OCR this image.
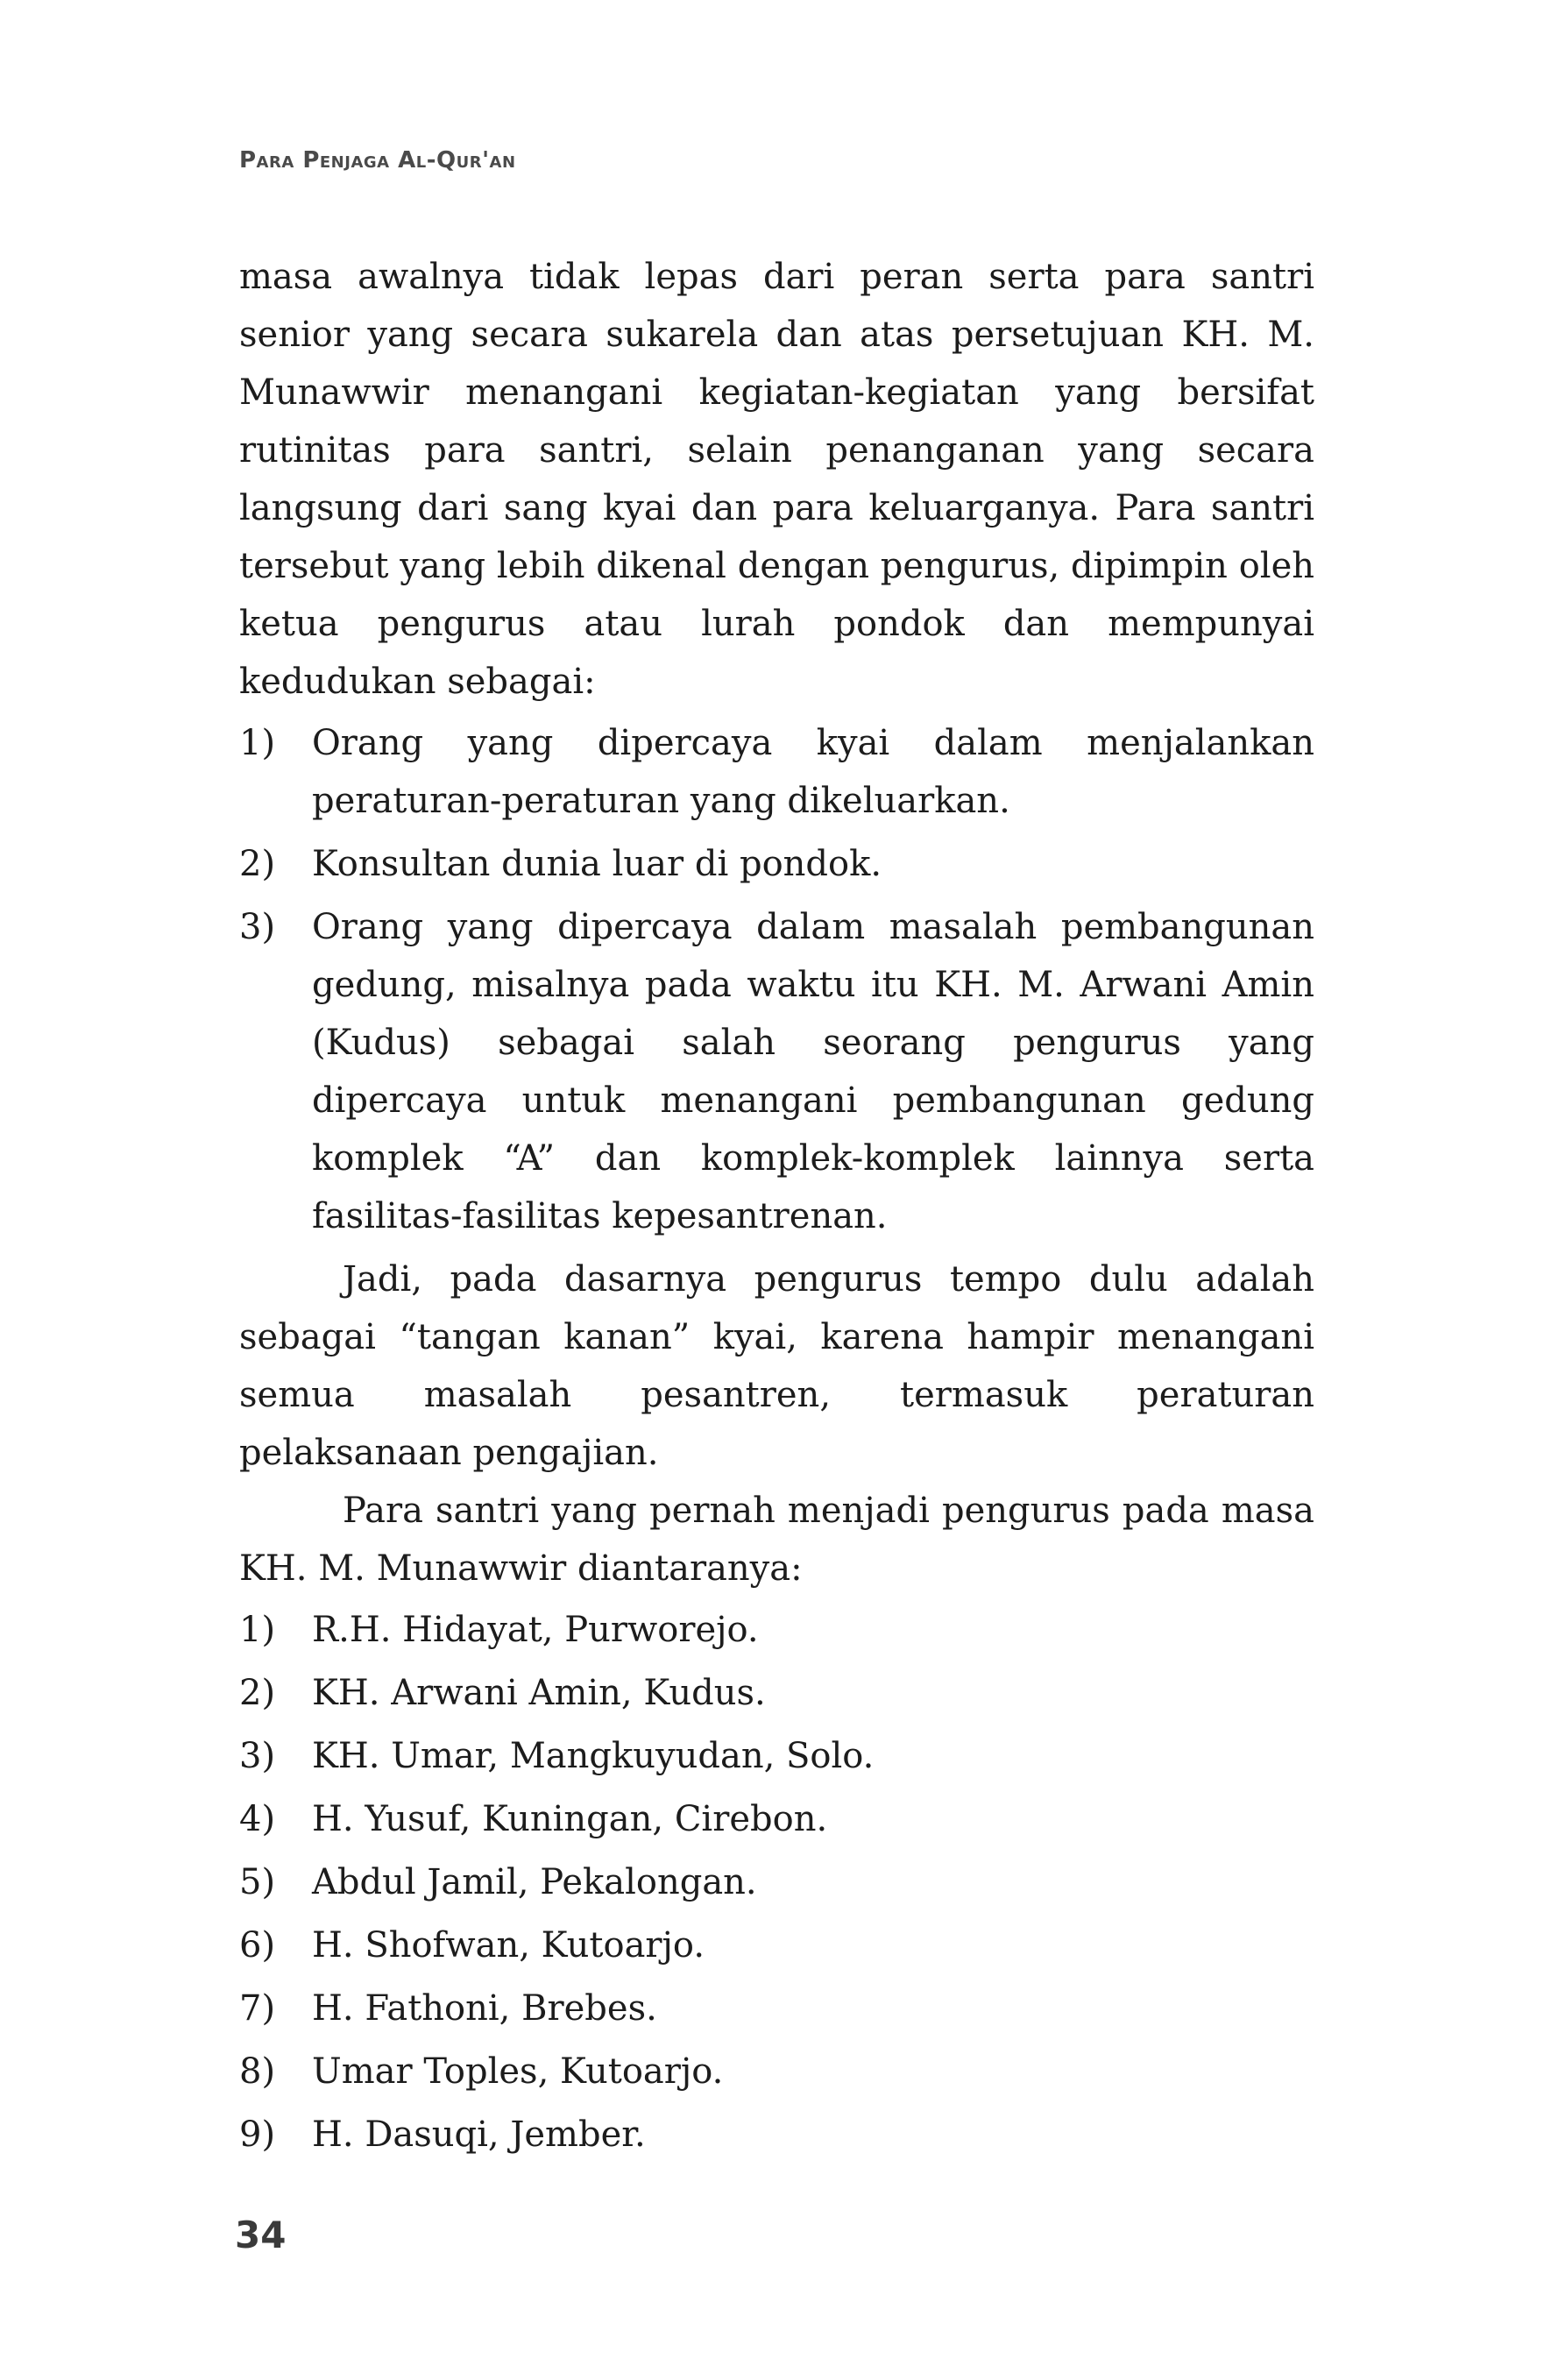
Para Penjaga Al-Qur'an

masa awalnya tidak lepas dari peran serta para santri senior yang secara sukarela dan atas persetujuan KH. M. Munawwir menangani kegiatan-kegiatan yang bersifat rutinitas para santri, selain penanganan yang secara langsung dari sang kyai dan para keluarganya. Para santri tersebut yang lebih dikenal dengan pengurus, dipimpin oleh ketua pengurus atau lurah pondok dan mempunyai kedudukan sebagai:

1) Orang yang dipercaya kyai dalam menjalankan peraturan-peraturan yang dikeluarkan.
2) Konsultan dunia luar di pondok.
3) Orang yang dipercaya dalam masalah pembangunan gedung, misalnya pada waktu itu KH. M. Arwani Amin (Kudus) sebagai salah seorang pengurus yang dipercaya untuk menangani pembangunan gedung komplek “A” dan komplek-komplek lainnya serta fasilitas-fasilitas kepesantrenan.

Jadi, pada dasarnya pengurus tempo dulu adalah sebagai “tangan kanan” kyai, karena hampir menangani semua masalah pesantren, termasuk peraturan pelaksanaan pengajian.

Para santri yang pernah menjadi pengurus pada masa KH. M. Munawwir diantaranya:

1) R.H. Hidayat, Purworejo.
2) KH. Arwani Amin, Kudus.
3) KH. Umar, Mangkuyudan, Solo.
4) H. Yusuf, Kuningan, Cirebon.
5) Abdul Jamil, Pekalongan.
6) H. Shofwan, Kutoarjo.
7) H. Fathoni, Brebes.
8) Umar Toples, Kutoarjo.
9) H. Dasuqi, Jember.
34
